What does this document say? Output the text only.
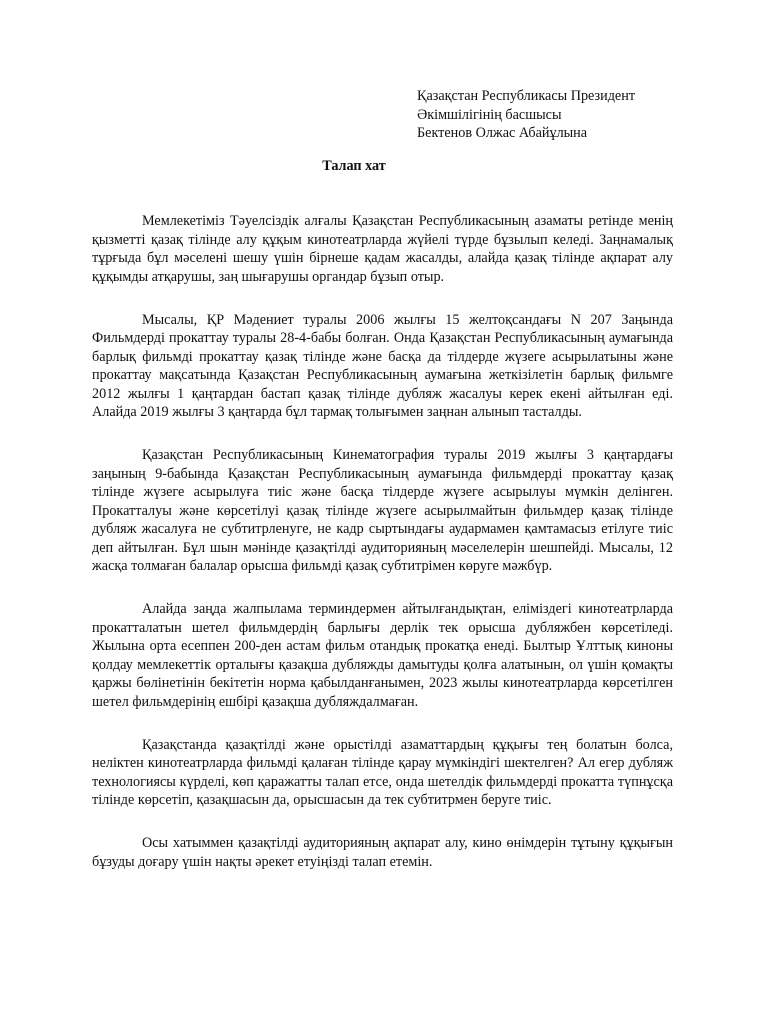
Қазақстан Республикасы Президент
Әкімшілігінің басшысы
Бектенов Олжас Абайұлына
Талап хат

Мемлекетіміз Тәуелсіздік алғалы Қазақстан Республикасының азаматы ретінде менің қызметті қазақ тілінде алу құқым кинотеатрларда жүйелі түрде бұзылып келеді. Заңнамалық тұрғыда бұл мәселені шешу үшін бірнеше қадам жасалды, алайда қазақ тілінде ақпарат алу құқымды атқарушы, заң шығарушы органдар бұзып отыр.

Мысалы, ҚР Мәдениет туралы 2006 жылғы 15 желтоқсандағы N 207 Заңында Фильмдерді прокаттау туралы 28-4-бабы болған. Онда Қазақстан Республикасының аумағында барлық фильмді прокаттау қазақ тілінде және басқа да тілдерде жүзеге асырылатыны және прокаттау мақсатында Қазақстан Республикасының аумағына жеткізілетін барлық фильмге 2012 жылғы 1 қаңтардан бастап қазақ тілінде дубляж жасалуы керек екені айтылған еді. Алайда 2019 жылғы 3 қаңтарда бұл тармақ толығымен заңнан алынып тасталды.

Қазақстан Республикасының Кинематография туралы 2019 жылғы 3 қаңтардағы заңының 9-бабында Қазақстан Республикасының аумағында фильмдерді прокаттау қазақ тілінде жүзеге асырылуға тиіс және басқа тілдерде жүзеге асырылуы мүмкін делінген. Прокатталуы және көрсетілуі қазақ тілінде жүзеге асырылмайтын фильмдер қазақ тілінде дубляж жасалуға не субтитрленуге, не кадр сыртындағы аудармамен қамтамасыз етілуге тиіс деп айтылған. Бұл шын мәнінде қазақтілді аудиторияның мәселелерін шешпейді. Мысалы, 12 жасқа толмаған балалар орысша фильмді қазақ субтитрімен көруге мәжбүр.

Алайда заңда жалпылама терминдермен айтылғандықтан, еліміздегі кинотеатрларда прокатталатын шетел фильмдердің барлығы дерлік тек орысша дубляжбен көрсетіледі. Жылына орта есеппен 200-ден астам фильм отандық прокатқа енеді. Былтыр Ұлттық киноны қолдау мемлекеттік орталығы қазақша дубляжды дамытуды қолға алатынын, ол үшін қомақты қаржы бөлінетінін бекітетін норма қабылданғанымен, 2023 жылы кинотеатрларда көрсетілген шетел фильмдерінің ешбірі қазақша дубляждалмаған.

Қазақстанда қазақтілді және орыстілді азаматтардың құқығы тең болатын болса, неліктен кинотеатрларда фильмді қалаған тілінде қарау мүмкіндігі шектелген? Ал егер дубляж технологиясы күрделі, көп қаражатты талап етсе, онда шетелдік фильмдерді прокатта түпнұсқа тілінде көрсетіп, қазақшасын да, орысшасын да тек субтитрмен беруге тиіс.

Осы хатыммен қазақтілді аудиторияның ақпарат алу, кино өнімдерін тұтыну құқығын бұзуды доғару үшін нақты әрекет етуіңізді талап етемін.
